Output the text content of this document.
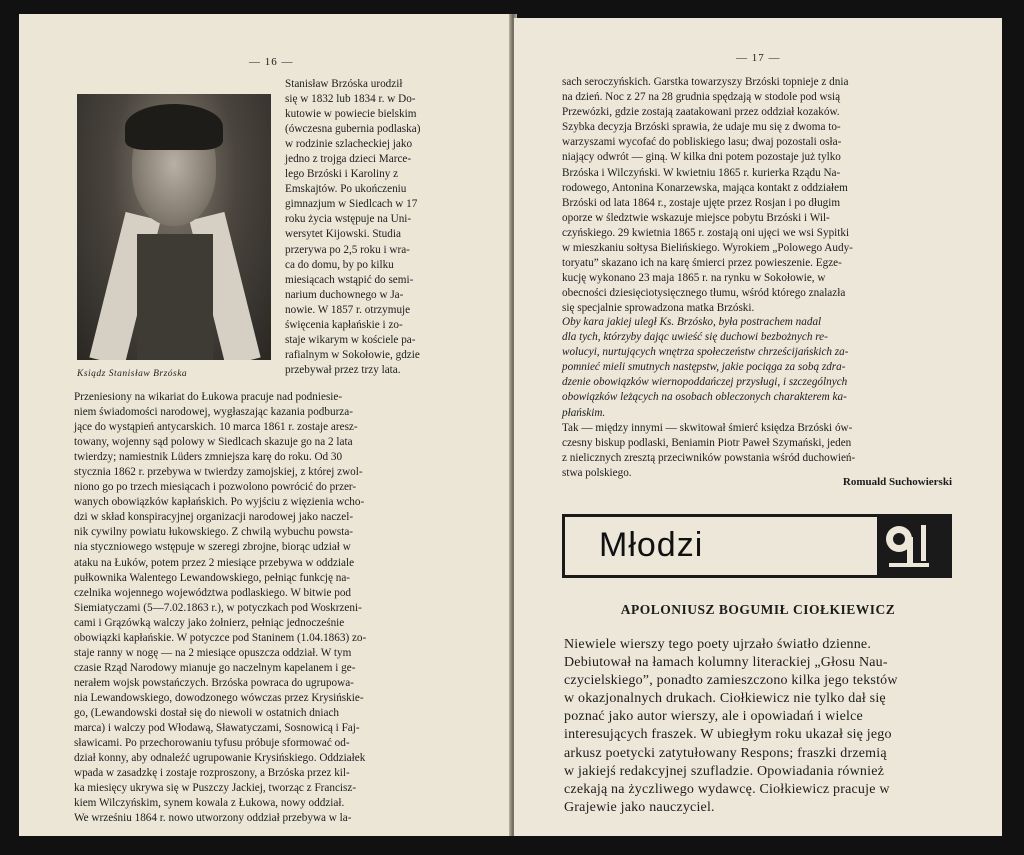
— 16 —
Ksiądz Stanisław Brzóska
Stanisław Brzóska urodził
się w 1832 lub 1834 r. w Do-
kutowie w powiecie bielskim
(ówczesna gubernia podlaska)
w rodzinie szlacheckiej jako
jedno z trojga dzieci Marce-
lego Brzóski i Karoliny z
Emskajtów. Po ukończeniu
gimnazjum w Siedlcach w 17
roku życia wstępuje na Uni-
wersytet Kijowski. Studia
przerywa po 2,5 roku i wra-
ca do domu, by po kilku
miesiącach wstąpić do semi-
narium duchownego w Ja-
nowie. W 1857 r. otrzymuje
święcenia kapłańskie i zo-
staje wikarym w kościele pa-
rafialnym w Sokołowie, gdzie
przebywał przez trzy lata.
Przeniesiony na wikariat do Łukowa pracuje nad podniesie-
niem świadomości narodowej, wygłaszając kazania podburza-
jące do wystąpień antycarskich. 10 marca 1861 r. zostaje aresz-
towany, wojenny sąd polowy w Siedlcach skazuje go na 2 lata
twierdzy; namiestnik Lüders zmniejsza karę do roku. Od 30
stycznia 1862 r. przebywa w twierdzy zamojskiej, z której zwol-
niono go po trzech miesiącach i pozwolono powrócić do przer-
wanych obowiązków kapłańskich. Po wyjściu z więzienia wcho-
dzi w skład konspiracyjnej organizacji narodowej jako naczel-
nik cywilny powiatu łukowskiego. Z chwilą wybuchu powsta-
nia styczniowego wstępuje w szeregi zbrojne, biorąc udział w
ataku na Łuków, potem przez 2 miesiące przebywa w oddziale
pułkownika Walentego Lewandowskiego, pełniąc funkcję na-
czelnika wojennego województwa podlaskiego. W bitwie pod
Siemiatyczami (5—7.02.1863 r.), w potyczkach pod Woskrzeni-
cami i Grązówką walczy jako żołnierz, pełniąc jednocześnie
obowiązki kapłańskie. W potyczce pod Staninem (1.04.1863) zo-
staje ranny w nogę — na 2 miesiące opuszcza oddział. W tym
czasie Rząd Narodowy mianuje go naczelnym kapelanem i ge-
nerałem wojsk powstańczych. Brzóska powraca do ugrupowa-
nia Lewandowskiego, dowodzonego wówczas przez Krysińskie-
go, (Lewandowski dostał się do niewoli w ostatnich dniach
marca) i walczy pod Włodawą, Sławatyczami, Sosnowicą i Faj-
sławicami. Po przechorowaniu tyfusu próbuje sformować od-
dział konny, aby odnaleźć ugrupowanie Krysińskiego. Oddziałek
wpada w zasadzkę i zostaje rozproszony, a Brzóska przez kil-
ka miesięcy ukrywa się w Puszczy Jackiej, tworząc z Francisz-
kiem Wilczyńskim, synem kowala z Łukowa, nowy oddział.
We wrześniu 1864 r. nowo utworzony oddział przebywa w la-
— 17 —
sach seroczyńskich. Garstka towarzyszy Brzóski topnieje z dnia
na dzień. Noc z 27 na 28 grudnia spędzają w stodole pod wsią
Przewózki, gdzie zostają zaatakowani przez oddział kozaków.
Szybka decyzja Brzóski sprawia, że udaje mu się z dwoma to-
warzyszami wycofać do pobliskiego lasu; dwaj pozostali osła-
niający odwrót — giną. W kilka dni potem pozostaje już tylko
Brzóska i Wilczyński. W kwietniu 1865 r. kurierka Rządu Na-
rodowego, Antonina Konarzewska, mająca kontakt z oddziałem
Brzóski od lata 1864 r., zostaje ujęte przez Rosjan i po długim
oporze w śledztwie wskazuje miejsce pobytu Brzóski i Wil-
czyńskiego. 29 kwietnia 1865 r. zostają oni ujęci we wsi Sypitki
w mieszkaniu sołtysa Bielińskiego. Wyrokiem „Polowego Audy-
toryatu” skazano ich na karę śmierci przez powieszenie. Egze-
kucję wykonano 23 maja 1865 r. na rynku w Sokołowie, w
obecności dziesięciotysięcznego tłumu, wśród którego znalazła
się specjalnie sprowadzona matka Brzóski.
Oby kara jakiej uległ Ks. Brzósko, była postrachem nadal
dla tych, którzyby dając uwieść się duchowi bezbożnych re-
wolucyi, nurtujących wnętrza społeczeństw chrześcijańskich za-
pomnieć mieli smutnych następstw, jakie pociąga za sobą zdra-
dzenie obowiązków wiernopoddańczej przysługi, i szczególnych
obowiązków leżących na osobach obleczonych charakterem ka-
płańskim.
Tak — między innymi — skwitował śmierć księdza Brzóski ów-
czesny biskup podlaski, Beniamin Piotr Paweł Szymański, jeden
z nielicznych zresztą przeciwników powstania wśród duchowień-
stwa polskiego.
Romuald Suchowierski
Młodzi
APOLONIUSZ BOGUMIŁ CIOŁKIEWICZ
Niewiele wierszy tego poety ujrzało światło dzienne.
Debiutował na łamach kolumny literackiej „Głosu Nau-
czycielskiego”, ponadto zamieszczono kilka jego tekstów
w okazjonalnych drukach. Ciołkiewicz nie tylko dał się
poznać jako autor wierszy, ale i opowiadań i wielce
interesujących fraszek. W ubiegłym roku ukazał się jego
arkusz poetycki zatytułowany Respons; fraszki drzemią
w jakiejś redakcyjnej szufladzie. Opowiadania również
czekają na życzliwego wydawcę. Ciołkiewicz pracuje w
Grajewie jako nauczyciel.
